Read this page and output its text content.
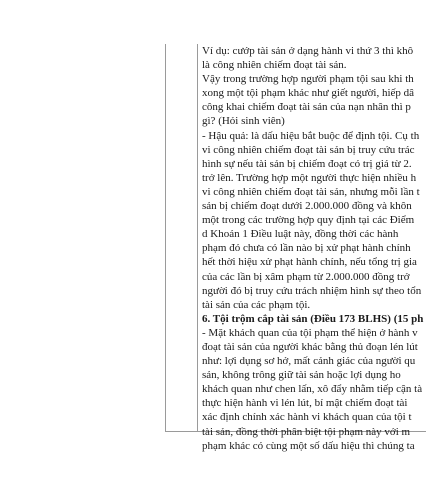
Ví dụ: cướp tài sản ở dạng hành vi thứ 3 thì khô
là công nhiên chiếm đoạt tài sản.
Vậy trong trường hợp người phạm tội sau khi th
xong một tội phạm khác như giết người, hiếp dâ
công khai chiếm đoạt tài sản của nạn nhân thì p
gì? (Hỏi sinh viên)
- Hậu quả: là dấu hiệu bắt buộc để định tội. Cụ th
vi công nhiên chiếm đoạt tài sản bị truy cứu trác
hình sự nếu tài sản bị chiếm đoạt có trị giá từ 2.
trở lên. Trường hợp một người thực hiện nhiều h
vi công nhiên chiếm đoạt tài sản, nhưng mỗi lần t
sản bị chiếm đoạt dưới 2.000.000 đồng và khôn
một trong các trường hợp quy định tại các Điểm
d Khoản 1 Điều luật này, đồng thời các hành
phạm đó chưa có lần nào bị xử phạt hành chính
hết thời hiệu xử phạt hành chính, nếu tổng trị gia
của các lần bị xâm phạm từ 2.000.000 đồng trở
người đó bị truy cứu trách nhiệm hình sự theo tổn
tài sản của các phạm tội.
6. Tội trộm cắp tài sản (Điều 173 BLHS) (15 ph
- Mặt khách quan của tội phạm thể hiện ở hành v
đoạt tài sản của người khác bằng thủ đoạn lén lút
như: lợi dụng sơ hở, mất cảnh giác của người qu
sản, không trông giữ tài sản hoặc lợi dụng ho
khách quan như chen lấn, xô đẩy nhằm tiếp cận tà
thực hiện hành vi lén lút, bí mật chiếm đoạt tài
xác định chính xác hành vi khách quan của tội t
tài sản, đồng thời phân biệt tội phạm này với m
phạm khác có cùng một số dấu hiệu thì chúng ta
